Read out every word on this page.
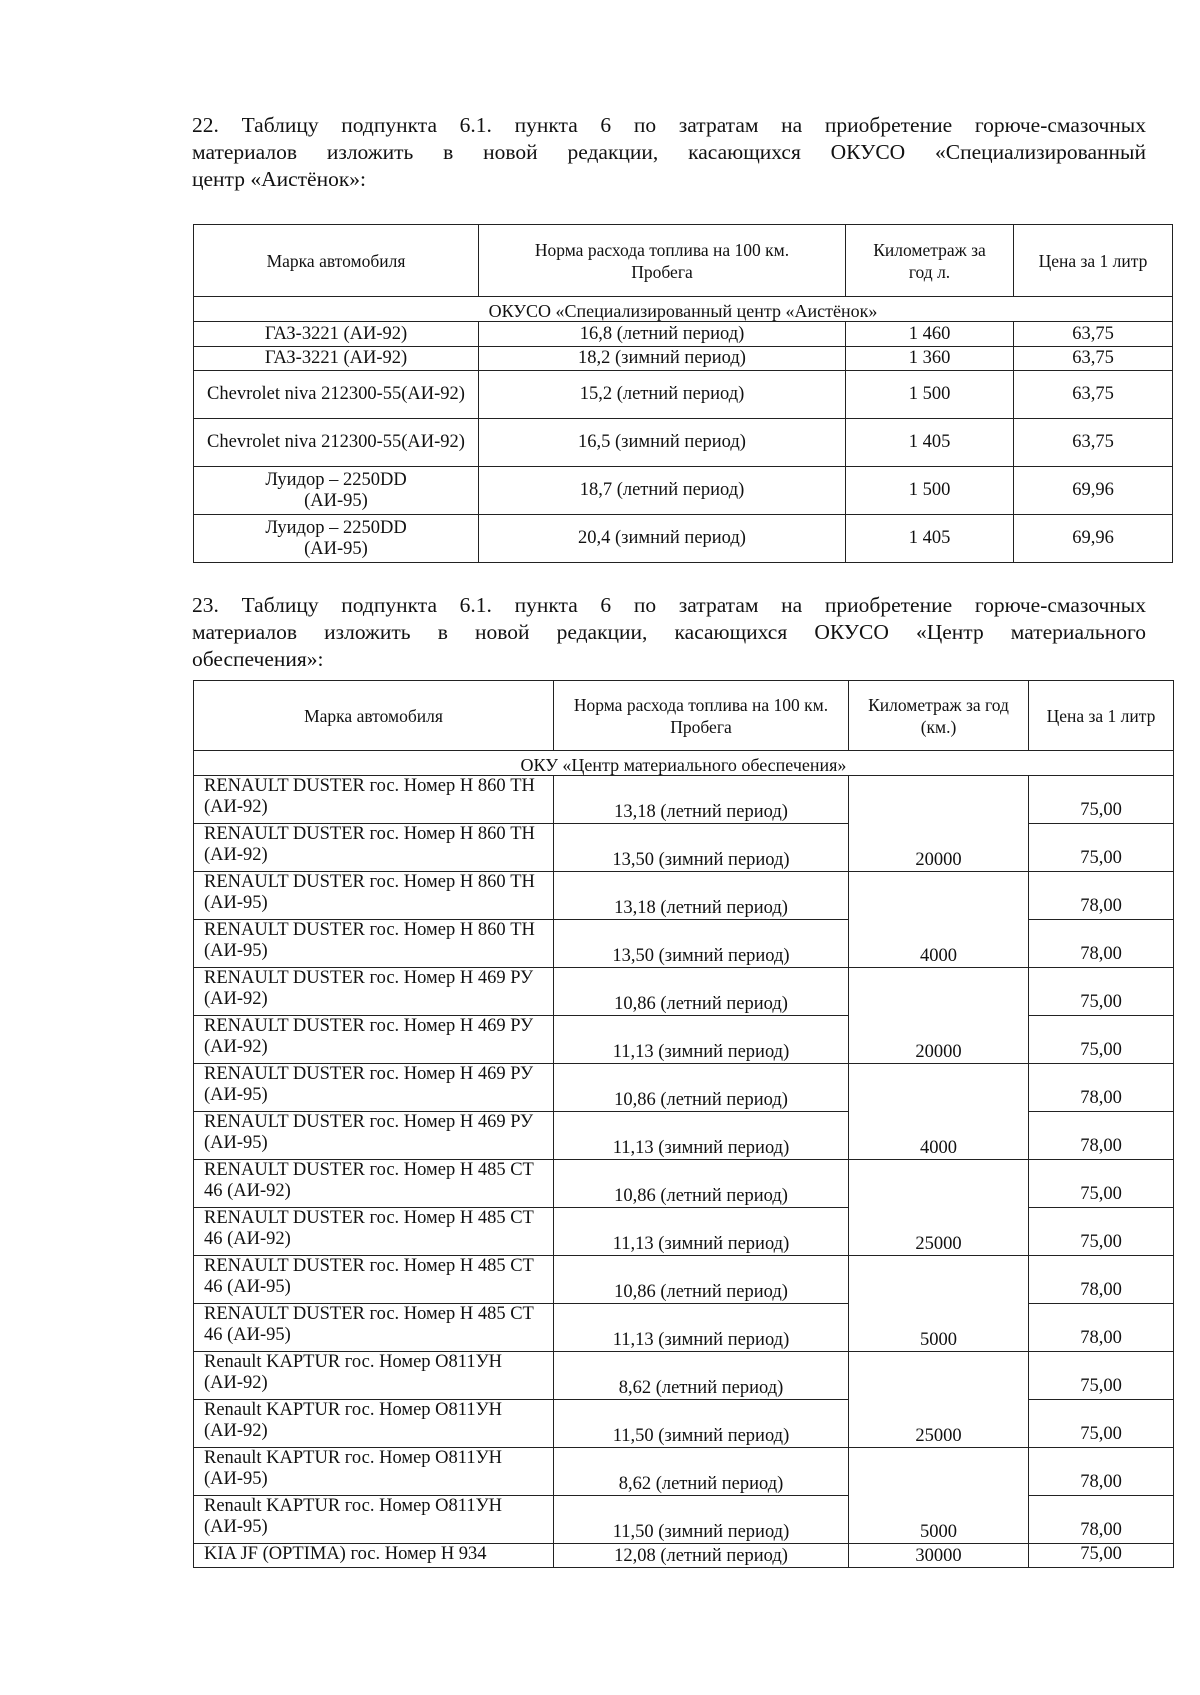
22. Таблицу подпункта 6.1. пункта 6 по затратам на приобретение горюче-смазочных
материалов изложить в новой редакции, касающихся ОКУСО «Специализированный
центр «Аистёнок»:
Марка автомобиля	Норма расхода топлива на 100 км. Пробега	Километраж за год л.	Цена за 1 литр
ОКУСО «Специализированный центр «Аистёнок»			
ГАЗ-3221 (АИ-92)	16,8 (летний период)	1 460	63,75
ГАЗ-3221 (АИ-92)	18,2 (зимний период)	1 360	63,75
Chevrolet niva 212300-55(АИ-92)	15,2 (летний период)	1 500	63,75
Chevrolet niva 212300-55(АИ-92)	16,5 (зимний период)	1 405	63,75
Луидор – 2250DD (АИ-95)	18,7 (летний период)	1 500	69,96
Луидор – 2250DD (АИ-95)	20,4 (зимний период)	1 405	69,96
23. Таблицу подпункта 6.1. пункта 6 по затратам на приобретение горюче-смазочных
материалов изложить в новой редакции, касающихся ОКУСО «Центр материального
обеспечения»:
Марка автомобиля	Норма расхода топлива на 100 км. Пробега	Километраж за год (км.)	Цена за 1 литр
ОКУ «Центр материального обеспечения»			
RENAULT DUSTER гос. Номер Н 860 ТН (АИ-92)	13,18 (летний период)		75,00
RENAULT DUSTER гос. Номер Н 860 ТН (АИ-92)	13,50 (зимний период)	20000	75,00
RENAULT DUSTER гос. Номер Н 860 ТН (АИ-95)	13,18 (летний период)		78,00
RENAULT DUSTER гос. Номер Н 860 ТН (АИ-95)	13,50 (зимний период)	4000	78,00
RENAULT DUSTER гос. Номер Н 469 РУ (АИ-92)	10,86 (летний период)		75,00
RENAULT DUSTER гос. Номер Н 469 РУ (АИ-92)	11,13 (зимний период)	20000	75,00
RENAULT DUSTER гос. Номер Н 469 РУ (АИ-95)	10,86 (летний период)		78,00
RENAULT DUSTER гос. Номер Н 469 РУ (АИ-95)	11,13 (зимний период)	4000	78,00
RENAULT DUSTER гос. Номер Н 485 СТ 46 (АИ-92)	10,86 (летний период)		75,00
RENAULT DUSTER гос. Номер Н 485 СТ 46 (АИ-92)	11,13 (зимний период)	25000	75,00
RENAULT DUSTER гос. Номер Н 485 СТ 46 (АИ-95)	10,86 (летний период)		78,00
RENAULT DUSTER гос. Номер Н 485 СТ 46 (АИ-95)	11,13 (зимний период)	5000	78,00
Renault KAPTUR гос. Номер О811УН (АИ-92)	8,62 (летний период)		75,00
Renault KAPTUR гос. Номер О811УН (АИ-92)	11,50 (зимний период)	25000	75,00
Renault KAPTUR гос. Номер О811УН (АИ-95)	8,62 (летний период)		78,00
Renault KAPTUR гос. Номер О811УН (АИ-95)	11,50 (зимний период)	5000	78,00
KIA JF (OPTIMA) гос. Номер Н 934	12,08 (летний период)	30000	75,00
